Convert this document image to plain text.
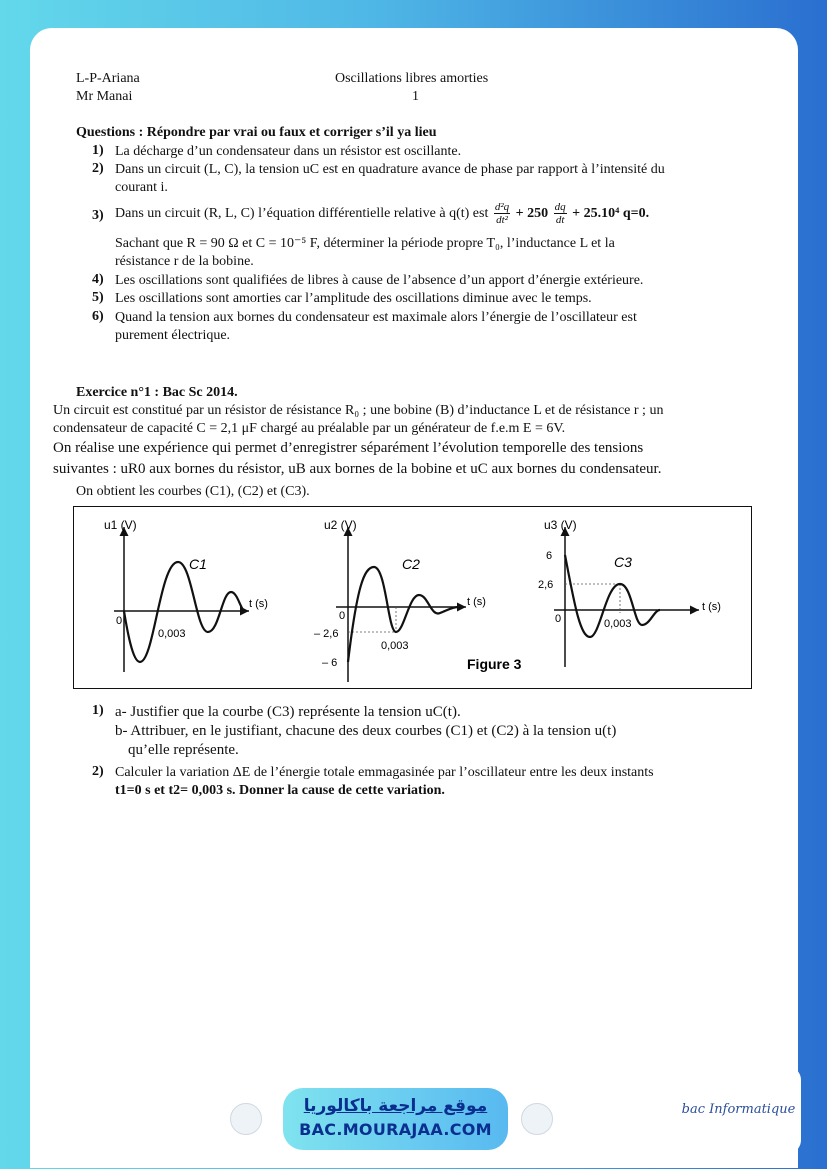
L-P-Ariana
Mr Manai
Oscillations libres amorties
1
Questions : Répondre par vrai ou faux et corriger s’il ya lieu
1) La décharge d’un condensateur dans un résistor est oscillante.
2) Dans un circuit (L, C), la tension uC est en quadrature avance de phase par rapport à l’intensité du
courant i.
3) Dans un circuit (R, L, C) l’équation différentielle relative à q(t) est $\frac{\text{d²q}}{\text{dt²}} + 250 \frac{dq}{dt} + 25.10^4$ q=0.
Sachant que R = 90 Ω et C = 10⁻⁵ F, déterminer la période propre T₀, l’inductance L et la
résistance r de la bobine.
4) Les oscillations sont qualifiées de libres à cause de l’absence d’un apport d’énergie extérieure.
5) Les oscillations sont amorties car l’amplitude des oscillations diminue avec le temps.
6) Quand la tension aux bornes du condensateur est maximale alors l’énergie de l’oscillateur est
purement électrique.
Exercice n°1 : Bac Sc 2014.
Un circuit est constitué par un résistor de résistance R₀ ; une bobine (B) d’inductance L et de résistance r ; un
condensateur de capacité C = 2,1 μF chargé au préalable par un générateur de f.e.m E = 6V.
On réalise une expérience qui permet d’enregistrer séparément l’évolution temporelle des tensions
suivantes : uR0 aux bornes du résistor, uB aux bornes de la bobine et uC aux bornes du condensateur.
On obtient les courbes (C1), (C2) et (C3).
u1 (V)
C1
t (s)
0
0,003
u2 (V)
C2
t (s)
0
0,003
– 2,6
– 6
u3 (V)
C3
t (s)
0	0,003
6
2,6
Figure 3
1) a- Justifier que la courbe (C3) représente la tension uC(t).
b- Attribuer, en le justifiant, chacune des deux courbes (C1) et (C2) à la tension u(t)
qu’elle représente.
2) Calculer la variation ΔE de l’énergie totale emmagasinée par l’oscillateur entre les deux instants
t1=0 s et t2= 0,003 s. Donner la cause de cette variation.
موقع مراجعة باكالوريا
BAC.MOURAJAA.COM
bac Informatique
